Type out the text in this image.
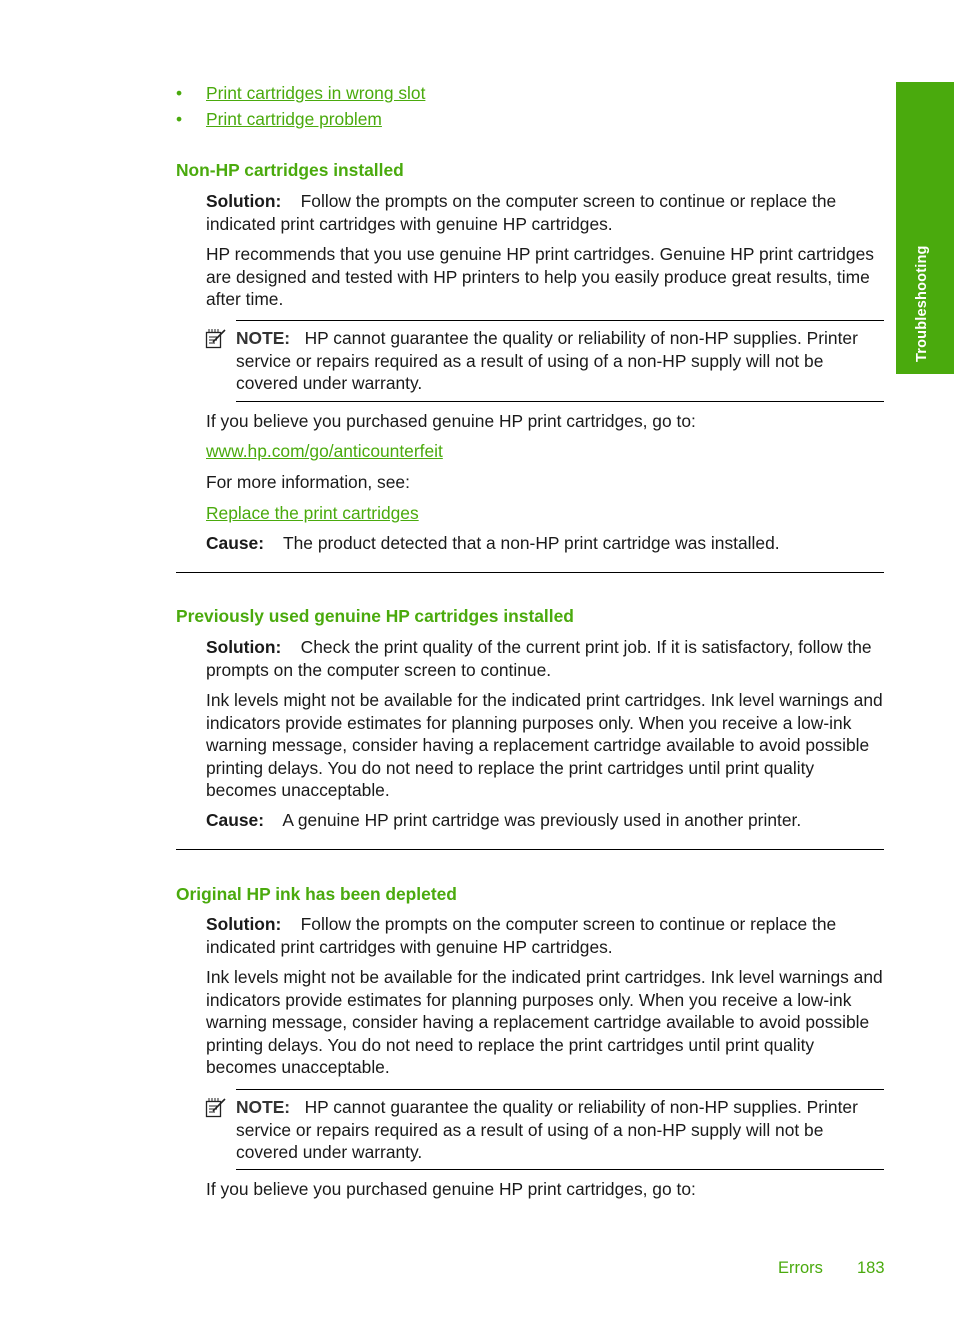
Troubleshooting
• Print cartridges in wrong slot
• Print cartridge problem
Non-HP cartridges installed
Solution: Follow the prompts on the computer screen to continue or replace the indicated print cartridges with genuine HP cartridges.
HP recommends that you use genuine HP print cartridges. Genuine HP print cartridges are designed and tested with HP printers to help you easily produce great results, time after time.
NOTE: HP cannot guarantee the quality or reliability of non-HP supplies. Printer service or repairs required as a result of using of a non-HP supply will not be covered under warranty.
If you believe you purchased genuine HP print cartridges, go to:
www.hp.com/go/anticounterfeit
For more information, see:
Replace the print cartridges
Cause: The product detected that a non-HP print cartridge was installed.
Previously used genuine HP cartridges installed
Solution: Check the print quality of the current print job. If it is satisfactory, follow the prompts on the computer screen to continue.
Ink levels might not be available for the indicated print cartridges. Ink level warnings and indicators provide estimates for planning purposes only. When you receive a low-ink warning message, consider having a replacement cartridge available to avoid possible printing delays. You do not need to replace the print cartridges until print quality becomes unacceptable.
Cause: A genuine HP print cartridge was previously used in another printer.
Original HP ink has been depleted
Solution: Follow the prompts on the computer screen to continue or replace the indicated print cartridges with genuine HP cartridges.
Ink levels might not be available for the indicated print cartridges. Ink level warnings and indicators provide estimates for planning purposes only. When you receive a low-ink warning message, consider having a replacement cartridge available to avoid possible printing delays. You do not need to replace the print cartridges until print quality becomes unacceptable.
NOTE: HP cannot guarantee the quality or reliability of non-HP supplies. Printer service or repairs required as a result of using of a non-HP supply will not be covered under warranty.
If you believe you purchased genuine HP print cartridges, go to:
Errors 183
